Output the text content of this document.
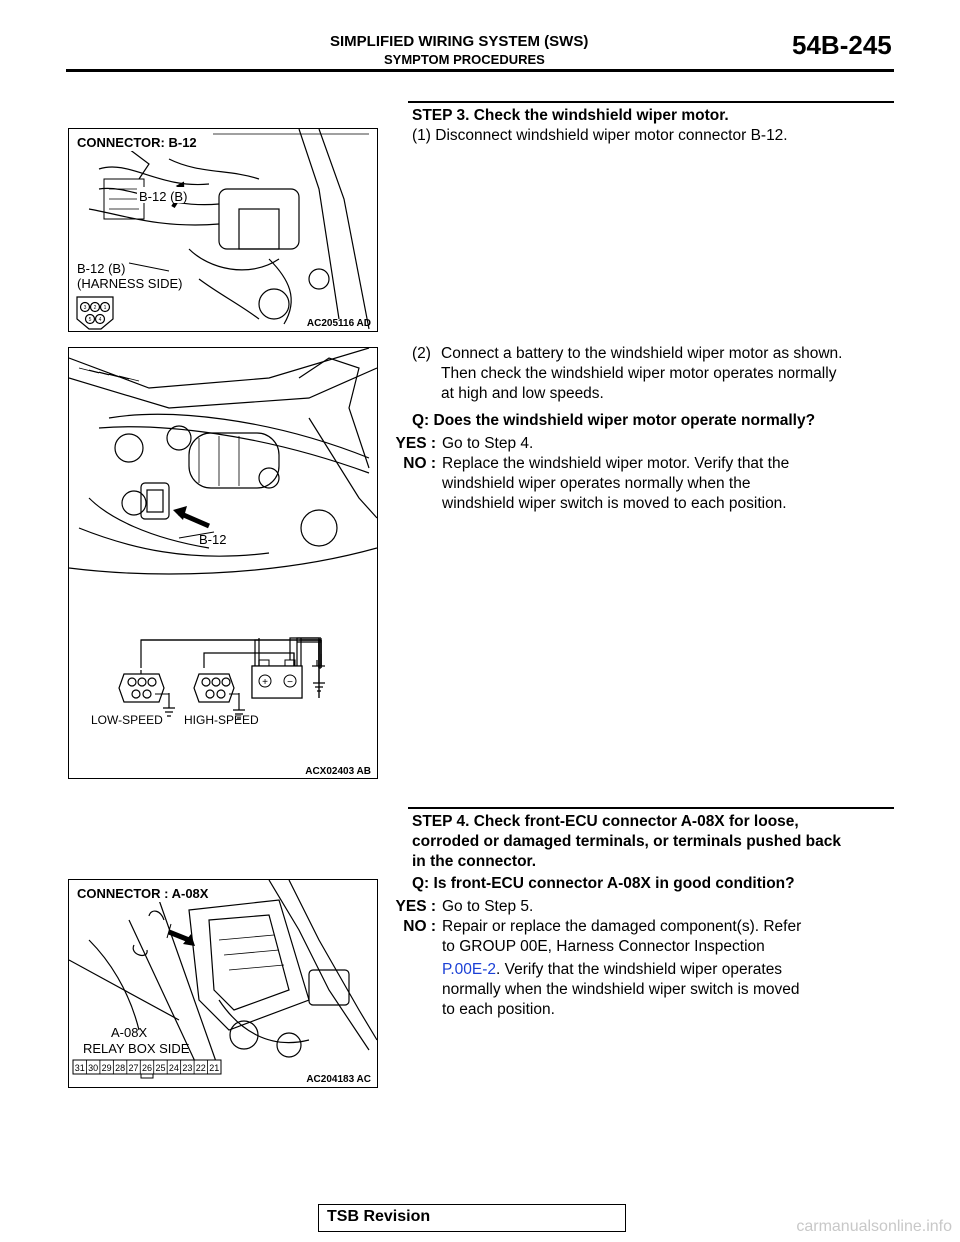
SIMPLIFIED WIRING SYSTEM (SWS)
SYMPTOM PROCEDURES	54B-245
3 2 1
5 4
CONNECTOR: B-12
B-12 (B)
B-12 (B)
(HARNESS SIDE)
AC205116 AD
B-12
+ −
LOW-SPEED HIGH-SPEED
ACX02403 AB
CONNECTOR : A-08X
A-08X
RELAY BOX SIDE
31 30 29 28 27 26 25 24 23 22 21
AC204183 AC
STEP 3. Check the windshield wiper motor.
(1) Disconnect windshield wiper motor connector B-12.
(2) Connect a battery to the windshield wiper motor as shown.
Then check the windshield wiper motor operates normally
at high and low speeds.
Q: Does the windshield wiper motor operate normally?
YES : Go to Step 4.
NO : Replace the windshield wiper motor. Verify that the
windshield wiper operates normally when the
windshield wiper switch is moved to each position.
STEP 4. Check front-ECU connector A-08X for loose,
corroded or damaged terminals, or terminals pushed back
in the connector.
Q: Is front-ECU connector A-08X in good condition?
YES : Go to Step 5.
NO : Repair or replace the damaged component(s). Refer
to GROUP 00E, Harness Connector Inspection
P.00E-2. Verify that the windshield wiper operates
normally when the windshield wiper switch is moved
to each position.
TSB Revision
carmanualsonline.info
